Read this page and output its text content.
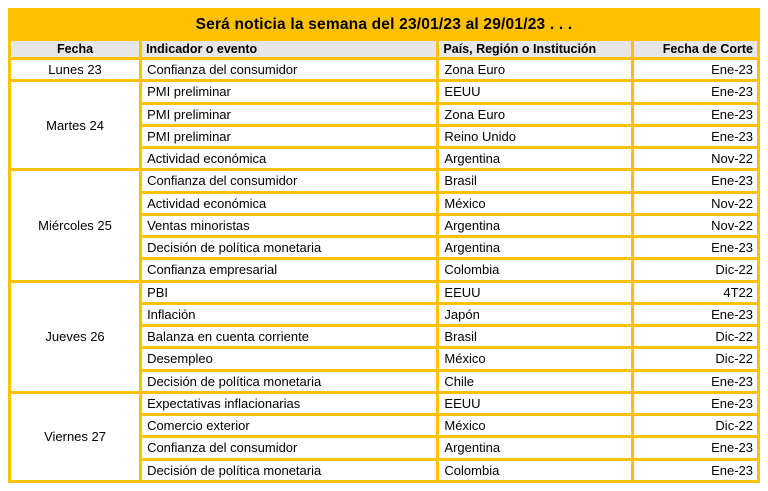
Será noticia la semana del 23/01/23 al 29/01/23 . . .			
Fecha	Indicador o evento	País, Región o Institución	Fecha de Corte
Lunes 23	Confianza del consumidor	Zona Euro	Ene-23
Martes 24	PMI preliminar	EEUU	Ene-23
	PMI preliminar	Zona Euro	Ene-23
	PMI preliminar	Reino Unido	Ene-23
	Actividad económica	Argentina	Nov-22
Miércoles 25	Confianza del consumidor	Brasil	Ene-23
	Actividad económica	México	Nov-22
	Ventas minoristas	Argentina	Nov-22
	Decisión de política monetaria	Argentina	Ene-23
	Confianza empresarial	Colombia	Dic-22
Jueves 26	PBI	EEUU	4T22
	Inflación	Japón	Ene-23
	Balanza en cuenta corriente	Brasil	Dic-22
	Desempleo	México	Dic-22
	Decisión de política monetaria	Chile	Ene-23
Viernes 27	Expectativas inflacionarias	EEUU	Ene-23
	Comercio exterior	México	Dic-22
	Confianza del consumidor	Argentina	Ene-23
	Decisión de política monetaria	Colombia	Ene-23
